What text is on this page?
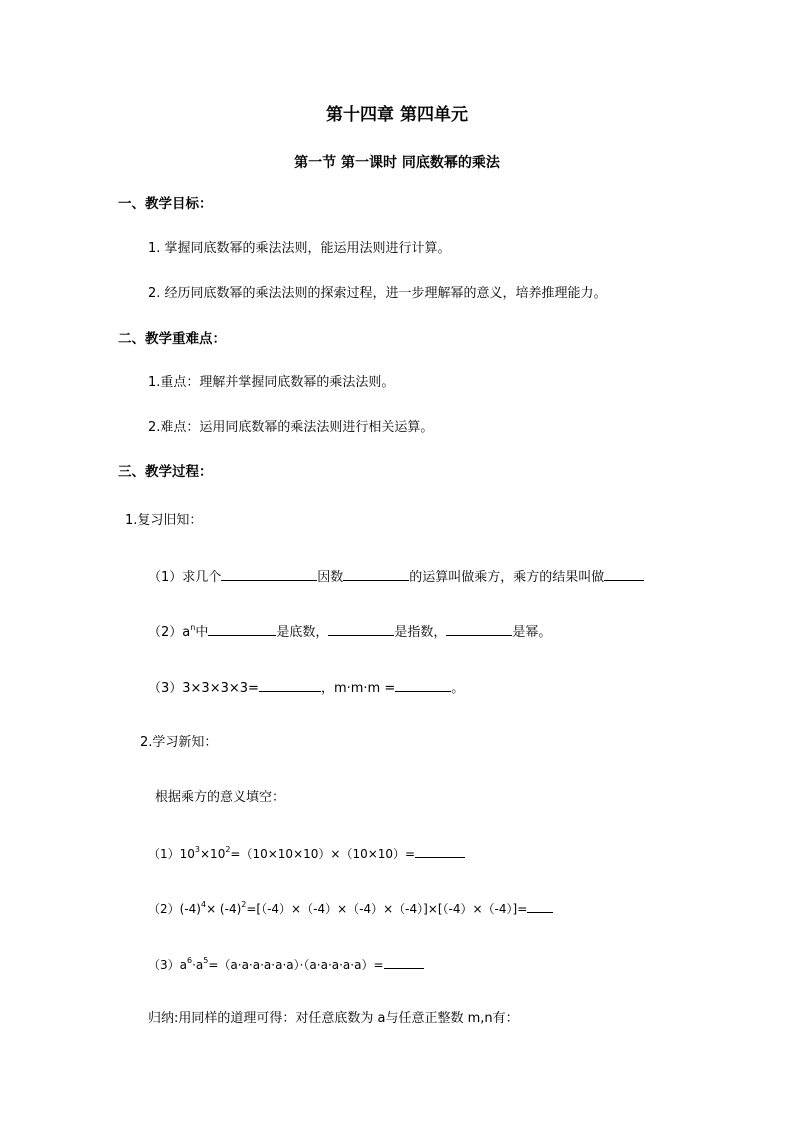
第十四章 第四单元
第一节 第一课时 同底数幂的乘法
一、教学目标：
1. 掌握同底数幂的乘法法则，能运用法则进行计算。
2. 经历同底数幂的乘法法则的探索过程，进一步理解幂的意义，培养推理能力。
二、教学重难点：
1.重点：理解并掌握同底数幂的乘法法则。
2.难点：运用同底数幂的乘法法则进行相关运算。
三、教学过程：
1.复习旧知：
（1）求几个	因数	的运算叫做乘方，乘方的结果叫做
$(2)a^n$中	是底数，	是指数，	是幂。
（3）3×3×3×3=	，m·m·m =	。
2.学习新知：
根据乘方的意义填空：
$(1)10^3\times 10^2=(10\times 10\times 10)\times(10\times 10)=$
$(2)(-4)^4\times (-4)^2=[(-4)\times(-4)\times(-4)\times(-4)]\times[(-4)\times(-4)]=$
$(3)a^6\cdot a^5=(a\cdot a\cdot a\cdot a\cdot a\cdot a)\cdot(a\cdot a\cdot a\cdot a\cdot a)=$
归纳:用同样的道理可得：对任意底数为 a与任意正整数 m,n有：
